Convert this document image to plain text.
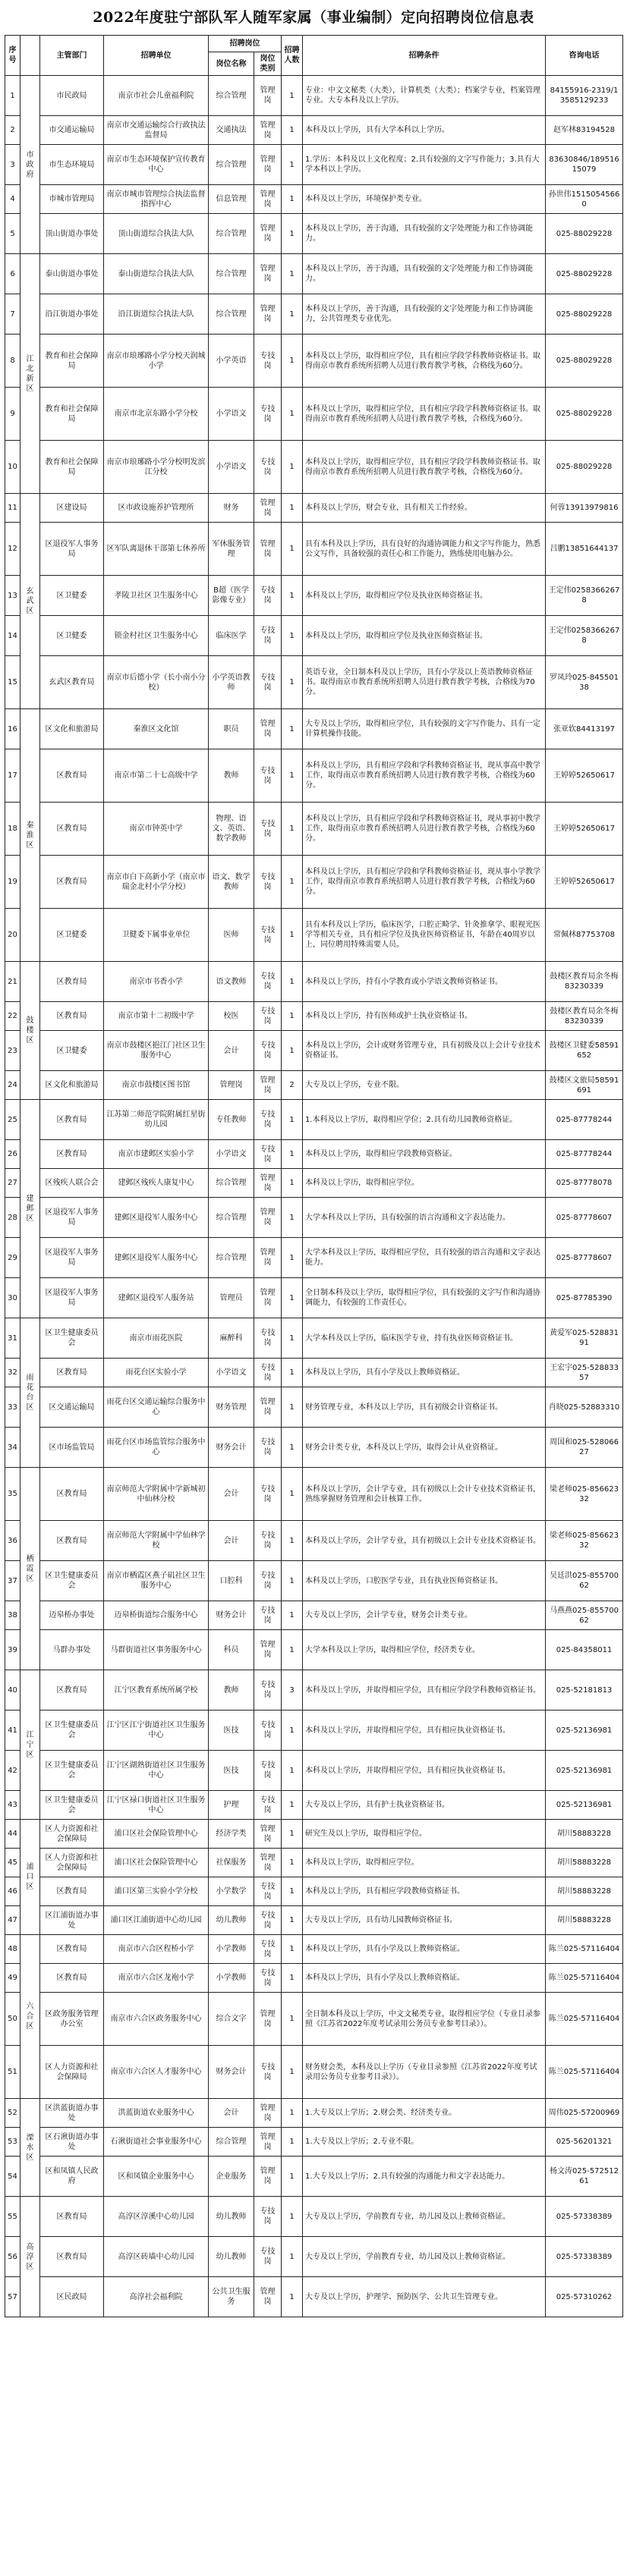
2022年度驻宁部队军人随军家属（事业编制）定向招聘岗位信息表
序号		主管部门	招聘单位	招聘岗位		招聘人数	招聘条件	咨询电话
				岗位名称	岗位类别			
1	市政府	市民政局	南京市社会儿童福利院	综合管理	管理岗	1	专业：中文文秘类（大类），计算机类（大类）；档案学专业，档案管理专业。大专本科及以上学历。	84155916-2319/13585129233
2		市交通运输局	南京市交通运输综合行政执法监督局	交通执法	管理岗	1	本科及以上学历，具有大学本科以上学历。	赵军林83194528
3		市生态环境局	南京市生态环境保护宣传教育中心	综合管理	管理岗	1	1.学历：本科及以上文化程度；2.具有较强的文字写作能力；3.具有大学本科以上学历。	83630846/18951615079
4		市城市管理局	南京市城市管理综合执法监督指挥中心	信息管理	管理岗	1	本科及以上学历，环境保护类专业。	孙世伟15150545660
5		顶山街道办事处	顶山街道综合执法大队	综合管理	管理岗	1	本科及以上学历，善于沟通，具有较强的文字处理能力和工作协调能力。	025-88029228
6	江北新区	泰山街道办事处	泰山街道综合执法大队	综合管理	管理岗	1	本科及以上学历，善于沟通，具有较强的文字处理能力和工作协调能力。	025-88029228
7		沿江街道办事处	沿江街道综合执法大队	综合管理	管理岗	1	本科及以上学历，善于沟通，具有较强的文字处理能力和工作协调能力，公共管理类专业优先。	025-88029228
8		教育和社会保障局	南京市琅琊路小学分校天润城小学	小学英语	专技岗	1	本科及以上学历，取得相应学位，具有相应学段学科教师资格证书。取得南京市教育系统所招聘人员进行教育教学考核，合格线为60分。	025-88029228
9		教育和社会保障局	南京市北京东路小学分校	小学语文	专技岗	1	本科及以上学历，取得相应学位，具有相应学段学科教师资格证书。取得南京市教育系统所招聘人员进行教育教学考核，合格线为60分。	025-88029228
10		教育和社会保障局	南京市琅琊路小学分校明发滨江分校	小学语文	专技岗	1	本科及以上学历，取得相应学位，具有相应学段学科教师资格证书。取得南京市教育系统所招聘人员进行教育教学考核，合格线为60分。	025-88029228
11	玄武区	区建设局	区市政设施养护管理所	财务	管理岗	1	本科及以上学历，财会专业，具有相关工作经验。	何蓉13913979816
12		区退役军人事务局	区军队离退休干部第七休养所	军休服务管理	管理岗	1	具有本科及以上学历，具有良好的沟通协调能力和文字写作能力，熟悉公文写作，具备较强的责任心和工作能力，熟练使用电脑办公。	吕鹏13851644137
13		区卫健委	孝陵卫社区卫生服务中心	B超（医学影像专业）	专技岗	1	本科及以上学历，取得相应学位及执业医师资格证书。	王定伟02583662678
14		区卫健委	锁金村社区卫生服务中心	临床医学	专技岗	1	本科及以上学历，取得相应学位及执业医师资格证书。	王定伟02583662678
15		玄武区教育局	南京市后德小学（长小南小分校）	小学英语教师	专技岗	1	英语专业，全日制本科及以上学历，具有小学及以上英语教师资格证书。取得南京市教育系统所招聘人员进行教育教学考核，合格线为70分。	罗凤玲025-84550138
16	秦淮区	区文化和旅游局	秦淮区文化馆	职员	管理岗	1	大专及以上学历，取得相应学位，具有较强的文字写作能力、具有一定计算机操作技能。	张亚软84413197
17		区教育局	南京市第二十七高级中学	教师	专技岗	1	本科及以上学历，具有相应学段和学科教师资格证书，现从事高中教学工作，取得南京市教育系统招聘人员进行教育教学考核，合格线为60分。	王婷婷52650617
18		区教育局	南京市钟英中学	物理、语文、英语、数学教师	专技岗	1	本科及以上学历，具有相应学段和学科教师资格证书，现从事初中教学工作，取得南京市教育系统招聘人员进行教育教学考核，合格线为60分。	王婷婷52650617
19		区教育局	南京市白下高新小学（南京市瑞金北村小学分校）	语文、数学教师	专技岗	1	本科及以上学历，具有相应学段和学科教师资格证书，现从事小学教学工作，取得南京市教育系统招聘人员进行教育教学考核，合格线为60分。	王婷婷52650617
20		区卫健委	卫健委下属事业单位	医师	专技岗	1	具有本科及以上学历，临床医学，口腔正畸学、针灸推拿学、眼视光医学等相关专业，具有相应学位及执业医师资格证书，年龄在40周岁以上，同位聘用特殊需要人员。	常佩林87753708
21	鼓楼区	区教育局	南京市书香小学	语文教师	专技岗	1	本科及以上学历，持有小学教育或小学语文教师资格证书。	鼓楼区教育局余冬梅83230339
22		区教育局	南京市第十二初级中学	校医	专技岗	1	本科及以上学历，持有医师或护士执业资格证书。	鼓楼区教育局余冬梅83230339
23		区卫健委	南京市鼓楼区挹江门社区卫生服务中心	会计	专技岗	1	本科及以上学历，会计或财务管理专业，具有初级及以上会计专业技术资格证书。	鼓楼区卫健委58591652
24		区文化和旅游局	南京市鼓楼区图书馆	管理岗	管理岗	2	大专及以上学历，专业不限。	鼓楼区文旅局58591691
25	建邺区	区教育局	江苏第二师范学院附属红星街幼儿园	专任教师	专技岗	1	1.本科及以上学历，取得相应学位；2.具有幼儿园教师资格证。	025-87778244
26		区教育局	南京市建邺区实验小学	小学语文	专技岗	1	本科及以上学历，取得相应学段教师资格证。	025-87778244
27		区残疾人联合会	建邺区残疾人康复中心	综合管理	管理岗	1	本科及以上学历，取得相应学位。	025-87778078
28		区退役军人事务局	建邺区退役军人服务中心	综合管理	管理岗	1	大学本科及以上学历，具有较强的语言沟通和文字表达能力。	025-87778607
29		区退役军人事务局	建邺区退役军人服务中心	综合管理	管理岗	1	大学本科及以上学历，取得相应学位，具有较强的语言沟通和文字表达能力。	025-87778607
30		区退役军人事务局	建邺区退役军人服务站	管理员	管理岗	1	全日制本科及以上学历，取得相应学位，具有较强的文字写作和沟通协调能力，有较强的工作责任心。	025-87785390
31	雨花台区	区卫生健康委员会	南京市雨花医院	麻醉科	专技岗	1	大学本科及以上学历，临床医学专业，持有执业医师资格证书。	黄爱军025-52883191
32		区教育局	雨花台区实验小学	小学语文	专技岗	1	本科及以上学历，具有小学及以上教师资格证。	王宏宇025-52883357
33		区交通运输局	雨花台区交通运输综合服务中心	财务管理	管理岗	1	财务管理专业，本科及以上学历，具有初级会计资格证书。	肖晓025-52883310
34		区市场监管局	雨花台区市场监管综合服务中心	财务会计	专技岗	1	财务会计类专业，本科及以上学历，取得会计从业资格证。	周国和025-52806627
35	栖霞区	区教育局	南京师范大学附属中学新城初中仙林分校	会计	专技岗	1	本科及以上学历，会计学专业，具有初级以上会计专业技术资格证书，熟练掌握财务管理和会计核算工作。	梁老师025-85662332
36		区教育局	南京师范大学附属中学仙林学校	会计	专技岗	1	本科及以上学历，会计学专业，具有初级以上会计专业技术资格证书。	梁老师025-85662332
37		区卫生健康委员会	南京市栖霞区燕子矶社区卫生服务中心	口腔科	专技岗	1	本科及以上学历，口腔医学专业，具有执业医师资格证书。	吴廷洪025-85570062
38		迈皋桥办事处	迈皋桥街道综合服务中心	财务会计	专技岗	1	大专及以上学历，会计学专业，财务会计类专业。	马燕燕025-85570062
39		马群办事处	马群街道社区事务服务中心	科员	管理岗	1	大学本科及以上学历，取得相应学位，经济类专业。	025-84358011
40	江宁区	区教育局	江宁区教育系统所属学校	教师	专技岗	3	本科及以上学历，并取得相应学位，具有相应学段学科教师资格证书。	025-52181813
41		区卫生健康委员会	江宁区江宁街道社区卫生服务中心	医技	专技岗	1	本科及以上学历，并取得相应学位，具有相应执业资格证书。	025-52136981
42		区卫生健康委员会	江宁区湖熟街道社区卫生服务中心	医技	专技岗	1	本科及以上学历，并取得相应学位，具有相应执业资格证书。	025-52136981
43		区卫生健康委员会	江宁区禄口街道社区卫生服务中心	护理	专技岗	1	大专及以上学历，具有护士执业资格证书。	025-52136981
44	浦口区	区人力资源和社会保障局	浦口区社会保险管理中心	经济学类	管理岗	1	研究生及以上学历，取得相应学位。	胡川58883228
45		区人力资源和社会保障局	浦口区社会保险管理中心	社保服务	管理岗	1	本科及以上学历，取得相应学位。	胡川58883228
46		区教育局	浦口区第三实验小学分校	小学数学	专技岗	1	本科及以上学历，具有相应学段教师资格证书。	胡川58883228
47		区江浦街道办事处	浦口区江浦街道中心幼儿园	幼儿教师	专技岗	1	大专及以上学历，具有幼儿园教师资格证书。	胡川58883228
48	六合区	区教育局	南京市六合区程桥小学	小学教师	专技岗	1	本科及以上学历，具有小学及以上教师资格证。	陈兰025-57116404
49		区教育局	南京市六合区龙袍小学	小学教师	专技岗	1	本科及以上学历，具有小学及以上教师资格证。	陈兰025-57116404
50		区政务服务管理办公室	南京市六合区政务服务中心	综合文字	管理岗	1	全日制本科及以上学历，中文文秘类专业，取得相应学位（专业目录参照《江苏省2022年度考试录用公务员专业参考目录》）。	陈兰025-57116404
51		区人力资源和社会保障局	南京市六合区人才服务中心	财务会计	专技岗	1	财务财会类，本科及以上学历（专业目录参照《江苏省2022年度考试录用公务员专业参考目录》）。	陈兰025-57116404
52	溧水区	区洪蓝街道办事处	洪蓝街道农业服务中心	会计	管理岗	1	1.大专及以上学历；2.财会类、经济类专业。	周伟025-57200969
53		区石湫街道办事处	石湫街道社会事业服务中心	综合管理	管理岗	1	1.大专及以上学历；2.专业不限。	025-56201321
54		区和凤镇人民政府	区和凤镇企业服务中心	企业服务	管理岗	1	1.大专及以上学历；2.具有较强的沟通能力和文字表达能力。	杨文涛025-57251261
55	高淳区	区教育局	高淳区淳溪中心幼儿园	幼儿教师	专技岗	1	大专及以上学历，学前教育专业，幼儿园及以上教师资格证。	025-57338389
56		区教育局	高淳区砖墙中心幼儿园	幼儿教师	专技岗	1	大专及以上学历，学前教育专业，幼儿园及以上教师资格证。	025-57338389
57		区民政局	高淳社会福利院	公共卫生服务	管理岗	1	大专及以上学历，护理学、预防医学、公共卫生管理专业。	025-57310262
